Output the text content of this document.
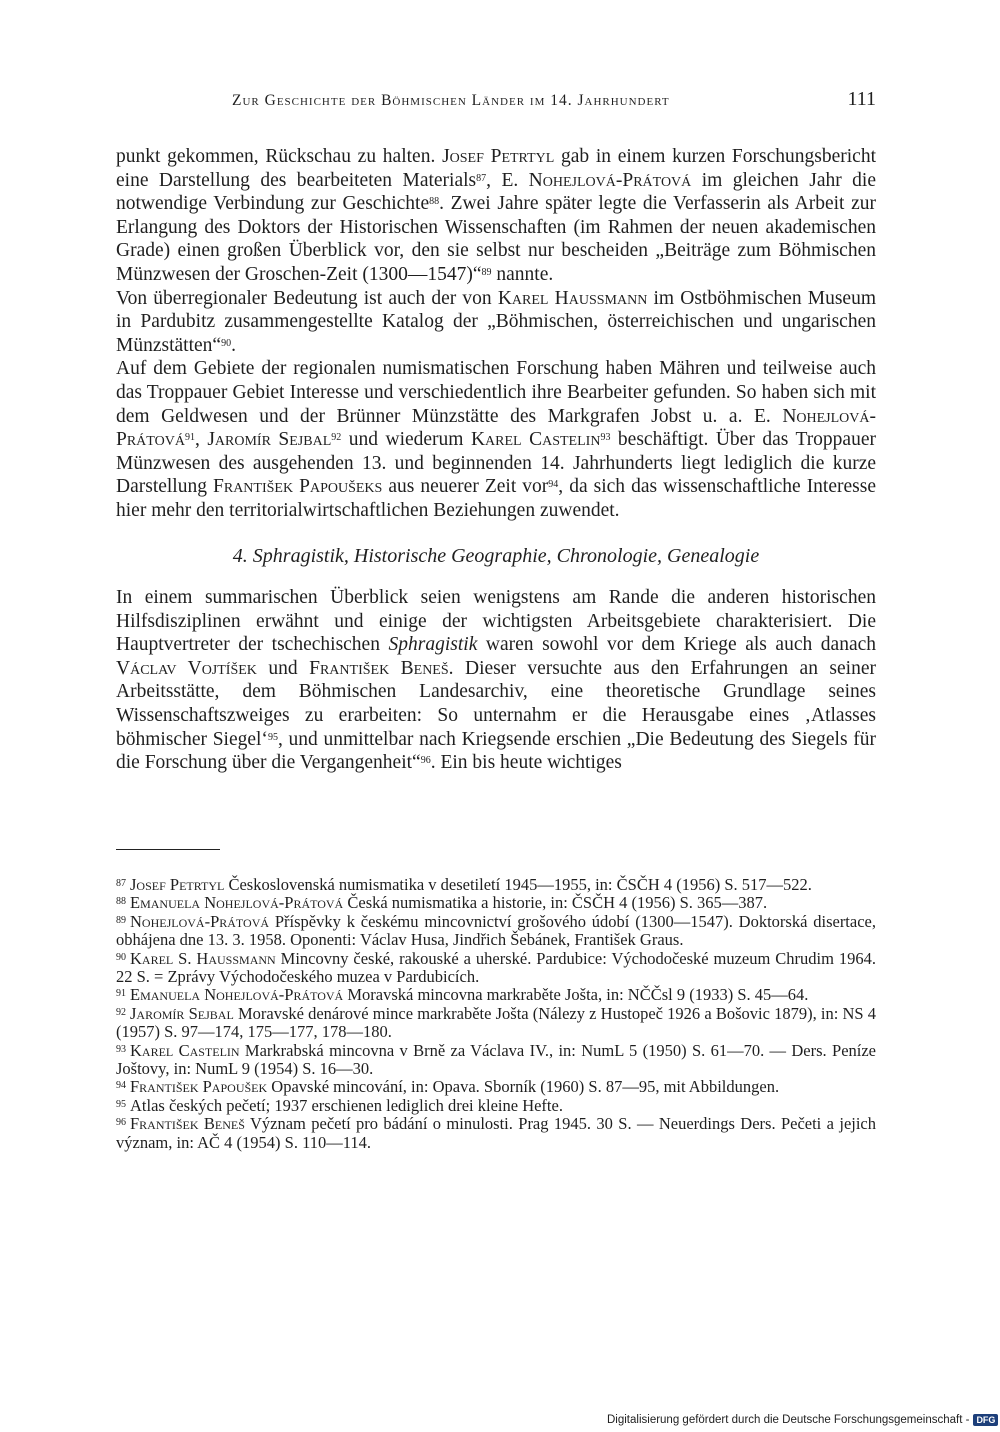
Zur Geschichte der Böhmischen Länder im 14. Jahrhundert	111

punkt gekommen, Rückschau zu halten. Josef Petrtyl gab in einem kurzen Forschungsbericht eine Darstellung des bearbeiteten Materials$^{87}$, E. Nohejlová-Prátová im gleichen Jahr die notwendige Verbindung zur Geschichte$^{88}$. Zwei Jahre später legte die Verfasserin als Arbeit zur Erlangung des Doktors der Historischen Wissenschaften (im Rahmen der neuen akademischen Grade) einen großen Überblick vor, den sie selbst nur bescheiden „Beiträge zum Böhmischen Münzwesen der Groschen-Zeit (1300—1547)“$^{89}$ nannte.

Von überregionaler Bedeutung ist auch der von Karel Haussmann im Ostböhmischen Museum in Pardubitz zusammengestellte Katalog der „Böhmischen, österreichischen und ungarischen Münzstätten“$^{90}$.

Auf dem Gebiete der regionalen numismatischen Forschung haben Mähren und teilweise auch das Troppauer Gebiet Interesse und verschiedentlich ihre Bearbeiter gefunden. So haben sich mit dem Geldwesen und der Brünner Münzstätte des Markgrafen Jobst u. a. E. Nohejlová-Prátová$^{91}$, Jaromír Sejbal$^{92}$ und wiederum Karel Castelin$^{93}$ beschäftigt. Über das Troppauer Münzwesen des ausgehenden 13. und beginnenden 14. Jahrhunderts liegt lediglich die kurze Darstellung František Papoušeks aus neuerer Zeit vor$^{94}$, da sich das wissenschaftliche Interesse hier mehr den territorialwirtschaftlichen Beziehungen zuwendet.

4. Sphragistik, Historische Geographie, Chronologie, Genealogie

In einem summarischen Überblick seien wenigstens am Rande die anderen historischen Hilfsdisziplinen erwähnt und einige der wichtigsten Arbeitsgebiete charakterisiert. Die Hauptvertreter der tschechischen Sphragistik waren sowohl vor dem Kriege als auch danach Václav Vojtíšek und František Beneš. Dieser versuchte aus den Erfahrungen an seiner Arbeitsstätte, dem Böhmischen Landesarchiv, eine theoretische Grundlage seines Wissenschaftszweiges zu erarbeiten: So unternahm er die Herausgabe eines ‚Atlasses böhmischer Siegel‘$^{95}$, und unmittelbar nach Kriegsende erschien „Die Bedeutung des Siegels für die Forschung über die Vergangenheit“$^{96}$. Ein bis heute wichtiges

$^{87}$ Josef Petrtyl Československá numismatika v desetiletí 1945—1955, in: ČSČH 4 (1956) S. 517—522.

$^{88}$ Emanuela Nohejlová-Prátová Česká numismatika a historie, in: ČSČH 4 (1956) S. 365—387.

$^{89}$ Nohejlová-Prátová Příspěvky k českému mincovnictví grošového údobí (1300—1547). Doktorská disertace, obhájena dne 13. 3. 1958. Oponenti: Václav Husa, Jindřich Šebánek, František Graus.

$^{90}$ Karel S. Haussmann Mincovny české, rakouské a uherské. Pardubice: Východočeské muzeum Chrudim 1964. 22 S. = Zprávy Východočeského muzea v Pardubicích.

$^{91}$ Emanuela Nohejlová-Prátová Moravská mincovna markraběte Jošta, in: NČČsl 9 (1933) S. 45—64.

$^{92}$ Jaromír Sejbal Moravské denárové mince markraběte Jošta (Nálezy z Hustopeč 1926 a Bošovic 1879), in: NS 4 (1957) S. 97—174, 175—177, 178—180.

$^{93}$ Karel Castelin Markrabská mincovna v Brně za Václava IV., in: NumL 5 (1950) S. 61—70. — Ders. Peníze Joštovy, in: NumL 9 (1954) S. 16—30.

$^{94}$ František Papoušek Opavské mincování, in: Opava. Sborník (1960) S. 87—95, mit Abbildungen.

$^{95}$ Atlas českých pečetí; 1937 erschienen lediglich drei kleine Hefte.

$^{96}$ František Beneš Význam pečetí pro bádání o minulosti. Prag 1945. 30 S. — Neuerdings Ders. Pečeti a jejich význam, in: AČ 4 (1954) S. 110—114.

Digitalisierung gefördert durch die Deutsche Forschungsgemeinschaft - DFG
